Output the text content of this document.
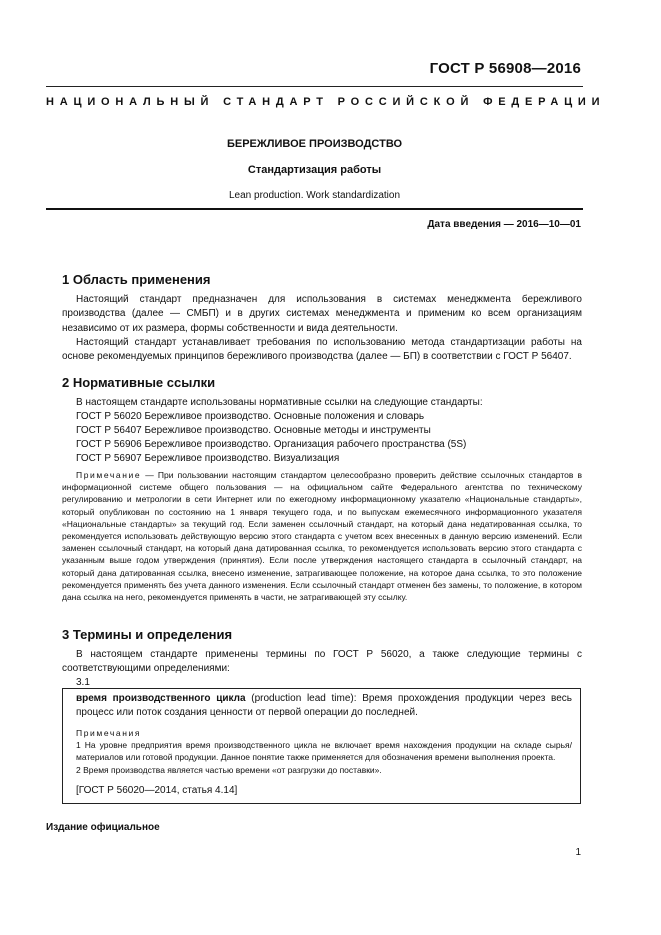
ГОСТ Р 56908—2016
НАЦИОНАЛЬНЫЙ СТАНДАРТ РОССИЙСКОЙ ФЕДЕРАЦИИ
БЕРЕЖЛИВОЕ ПРОИЗВОДСТВО
Стандартизация работы
Lean production. Work standardization
Дата введения — 2016—10—01
1 Область применения

Настоящий стандарт предназначен для использования в системах менеджмента бережливого производства (далее — СМБП) и в других системах менеджмента и применим ко всем организациям независимо от их размера, формы собственности и вида деятельности.

Настоящий стандарт устанавливает требования по использованию метода стандартизации работы на основе рекомендуемых принципов бережливого производства (далее — БП) в соответствии с ГОСТ Р 56407.

2 Нормативные ссылки

В настоящем стандарте использованы нормативные ссылки на следующие стандарты:

ГОСТ Р 56020 Бережливое производство. Основные положения и словарь

ГОСТ Р 56407 Бережливое производство. Основные методы и инструменты

ГОСТ Р 56906 Бережливое производство. Организация рабочего пространства (5S)

ГОСТ Р 56907 Бережливое производство. Визуализация

Примечание — При пользовании настоящим стандартом целесообразно проверить действие ссылочных стандартов в информационной системе общего пользования — на официальном сайте Федерального агентства по техническому регулированию и метрологии в сети Интернет или по ежегодному информационному указателю «Национальные стандарты», который опубликован по состоянию на 1 января текущего года, и по выпускам ежемесячного информационного указателя «Национальные стандарты» за текущий год. Если заменен ссылочный стандарт, на который дана недатированная ссылка, то рекомендуется использовать действующую версию этого стандарта с учетом всех внесенных в данную версию изменений. Если заменен ссылочный стандарт, на который дана датированная ссылка, то рекомендуется использовать версию этого стандарта с указанным выше годом утверждения (принятия). Если после утверждения настоящего стандарта в ссылочный стандарт, на который дана датированная ссылка, внесено изменение, затрагивающее положение, на которое дана ссылка, то это положение рекомендуется применять без учета данного изменения. Если ссылочный стандарт отменен без замены, то положение, в котором дана ссылка на него, рекомендуется применять в части, не затрагивающей эту ссылку.

3 Термины и определения

В настоящем стандарте применены термины по ГОСТ Р 56020, а также следующие термины с соответствующими определениями:

3.1

время производственного цикла (production lead time): Время прохождения продукции через весь процесс или поток создания ценности от первой операции до последней.

Примечания

1 На уровне предприятия время производственного цикла не включает время нахождения продукции на складе сырья/материалов или готовой продукции. Данное понятие также применяется для обозначения времени выполнения проекта.

2 Время производства является частью времени «от разгрузки до поставки».

[ГОСТ Р 56020—2014, статья 4.14]

Издание официальное
1
